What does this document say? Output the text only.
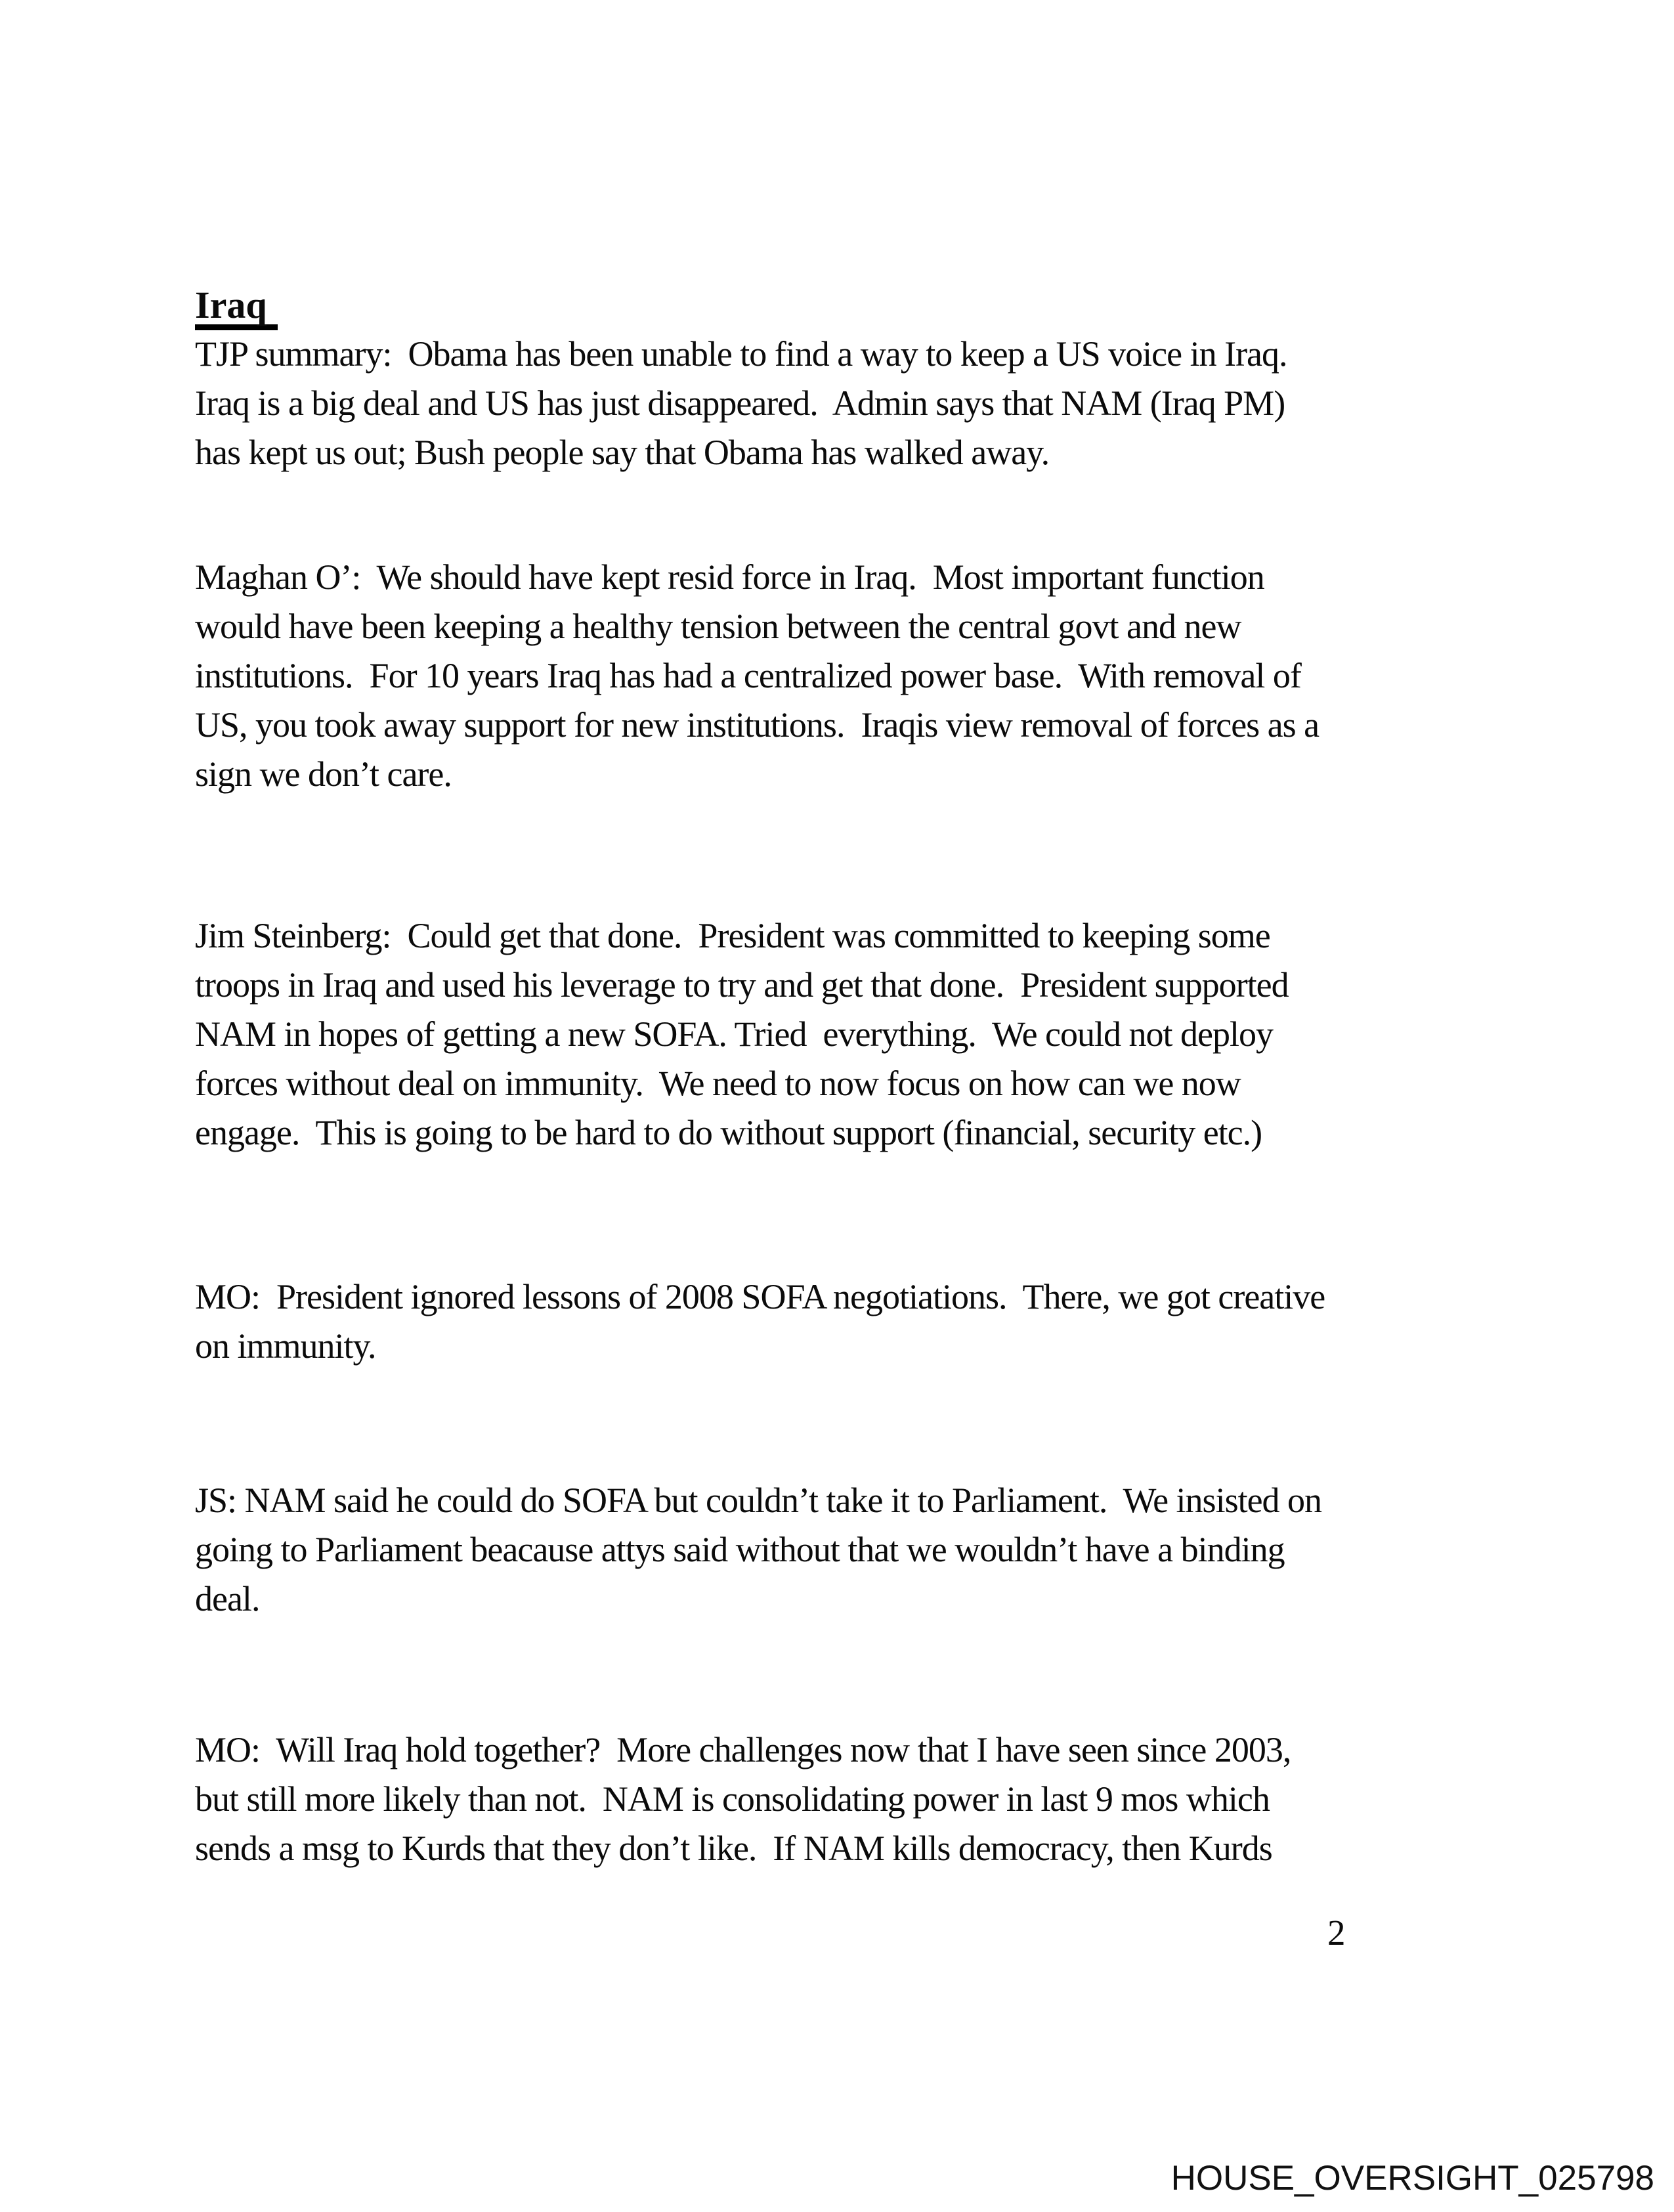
Iraq
TJP summary:  Obama has been unable to find a way to keep a US voice in Iraq.
Iraq is a big deal and US has just disappeared.  Admin says that NAM (Iraq PM)
has kept us out; Bush people say that Obama has walked away.
Maghan O’:  We should have kept resid force in Iraq.  Most important function
would have been keeping a healthy tension between the central govt and new
institutions.  For 10 years Iraq has had a centralized power base.  With removal of
US, you took away support for new institutions.  Iraqis view removal of forces as a
sign we don’t care.
Jim Steinberg:  Could get that done.  President was committed to keeping some
troops in Iraq and used his leverage to try and get that done.  President supported
NAM in hopes of getting a new SOFA. Tried  everything.  We could not deploy
forces without deal on immunity.  We need to now focus on how can we now
engage.  This is going to be hard to do without support (financial, security etc.)
MO:  President ignored lessons of 2008 SOFA negotiations.  There, we got creative
on immunity.
JS: NAM said he could do SOFA but couldn’t take it to Parliament.  We insisted on
going to Parliament beacause attys said without that we wouldn’t have a binding
deal.
MO:  Will Iraq hold together?  More challenges now that I have seen since 2003,
but still more likely than not.  NAM is consolidating power in last 9 mos which
sends a msg to Kurds that they don’t like.  If NAM kills democracy, then Kurds
2
HOUSE_OVERSIGHT_025798
